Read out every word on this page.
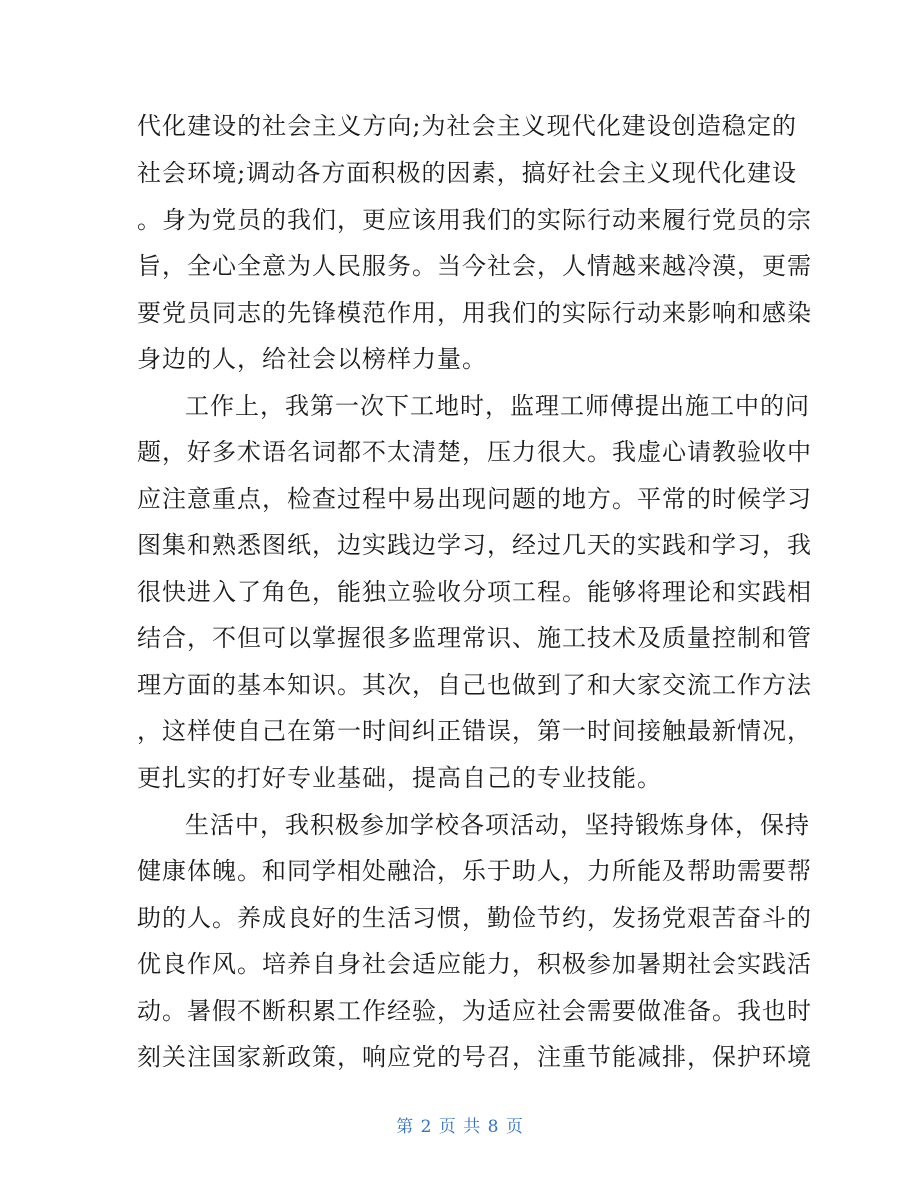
代化建设的社会主义方向;为社会主义现代化建设创造稳定的
社会环境;调动各方面积极的因素，搞好社会主义现代化建设
。身为党员的我们，更应该用我们的实际行动来履行党员的宗
旨，全心全意为人民服务。当今社会，人情越来越冷漠，更需
要党员同志的先锋模范作用，用我们的实际行动来影响和感染
身边的人，给社会以榜样力量。
工作上，我第一次下工地时，监理工师傅提出施工中的问
题，好多术语名词都不太清楚，压力很大。我虚心请教验收中
应注意重点，检查过程中易出现问题的地方。平常的时候学习
图集和熟悉图纸，边实践边学习，经过几天的实践和学习，我
很快进入了角色，能独立验收分项工程。能够将理论和实践相
结合，不但可以掌握很多监理常识、施工技术及质量控制和管
理方面的基本知识。其次，自己也做到了和大家交流工作方法
，这样使自己在第一时间纠正错误，第一时间接触最新情况，
更扎实的打好专业基础，提高自己的专业技能。
生活中，我积极参加学校各项活动，坚持锻炼身体，保持
健康体魄。和同学相处融洽，乐于助人，力所能及帮助需要帮
助的人。养成良好的生活习惯，勤俭节约，发扬党艰苦奋斗的
优良作风。培养自身社会适应能力，积极参加暑期社会实践活
动。暑假不断积累工作经验，为适应社会需要做准备。我也时
刻关注国家新政策，响应党的号召，注重节能减排，保护环境
第 2 页 共 8 页
